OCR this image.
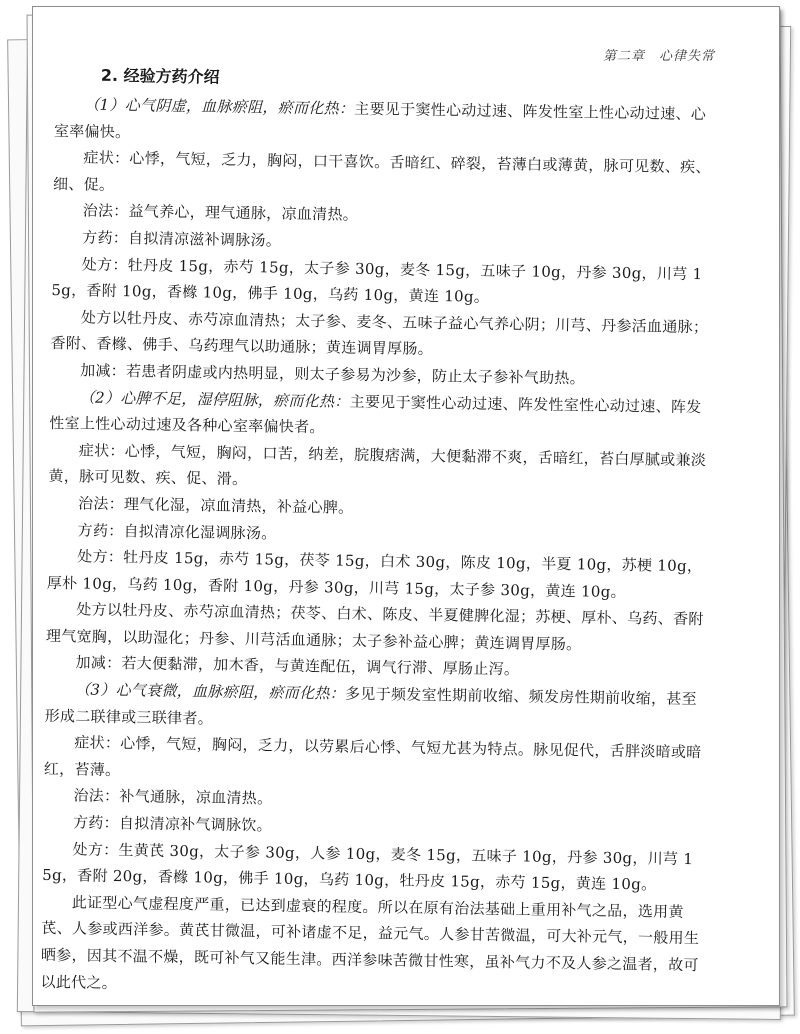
第二章　心律失常
2. 经验方药介绍

（1）心气阴虚，血脉瘀阻，瘀而化热：主要见于窦性心动过速、阵发性室上性心动过速、心室率偏快。

症状：心悸，气短，乏力，胸闷，口干喜饮。舌暗红、碎裂，苔薄白或薄黄，脉可见数、疾、细、促。

治法：益气养心，理气通脉，凉血清热。

方药：自拟清凉滋补调脉汤。

处方：牡丹皮 15g，赤芍 15g，太子参 30g，麦冬 15g，五味子 10g，丹参 30g，川芎 15g，香附 10g，香橼 10g，佛手 10g，乌药 10g，黄连 10g。

处方以牡丹皮、赤芍凉血清热；太子参、麦冬、五味子益心气养心阴；川芎、丹参活血通脉；香附、香橼、佛手、乌药理气以助通脉；黄连调胃厚肠。

加减：若患者阴虚或内热明显，则太子参易为沙参，防止太子参补气助热。

（2）心脾不足，湿停阻脉，瘀而化热：主要见于窦性心动过速、阵发性室性心动过速、阵发性室上性心动过速及各种心室率偏快者。

症状：心悸，气短，胸闷，口苦，纳差，脘腹痞满，大便黏滞不爽，舌暗红，苔白厚腻或兼淡黄，脉可见数、疾、促、滑。

治法：理气化湿，凉血清热，补益心脾。

方药：自拟清凉化湿调脉汤。

处方：牡丹皮 15g，赤芍 15g，茯苓 15g，白术 30g，陈皮 10g，半夏 10g，苏梗 10g，厚朴 10g，乌药 10g，香附 10g，丹参 30g，川芎 15g，太子参 30g，黄连 10g。

处方以牡丹皮、赤芍凉血清热；茯苓、白术、陈皮、半夏健脾化湿；苏梗、厚朴、乌药、香附理气宽胸，以助湿化；丹参、川芎活血通脉；太子参补益心脾；黄连调胃厚肠。

加减：若大便黏滞，加木香，与黄连配伍，调气行滞、厚肠止泻。

（3）心气衰微，血脉瘀阻，瘀而化热：多见于频发室性期前收缩、频发房性期前收缩，甚至形成二联律或三联律者。

症状：心悸，气短，胸闷，乏力，以劳累后心悸、气短尤甚为特点。脉见促代，舌胖淡暗或暗红，苔薄。

治法：补气通脉，凉血清热。

方药：自拟清凉补气调脉饮。

处方：生黄芪 30g，太子参 30g，人参 10g，麦冬 15g，五味子 10g，丹参 30g，川芎 15g，香附 20g，香橼 10g，佛手 10g，乌药 10g，牡丹皮 15g，赤芍 15g，黄连 10g。

此证型心气虚程度严重，已达到虚衰的程度。所以在原有治法基础上重用补气之品，选用黄芪、人参或西洋参。黄芪甘微温，可补诸虚不足，益元气。人参甘苦微温，可大补元气，一般用生晒参，因其不温不燥，既可补气又能生津。西洋参味苦微甘性寒，虽补气力不及人参之温者，故可以此代之。
